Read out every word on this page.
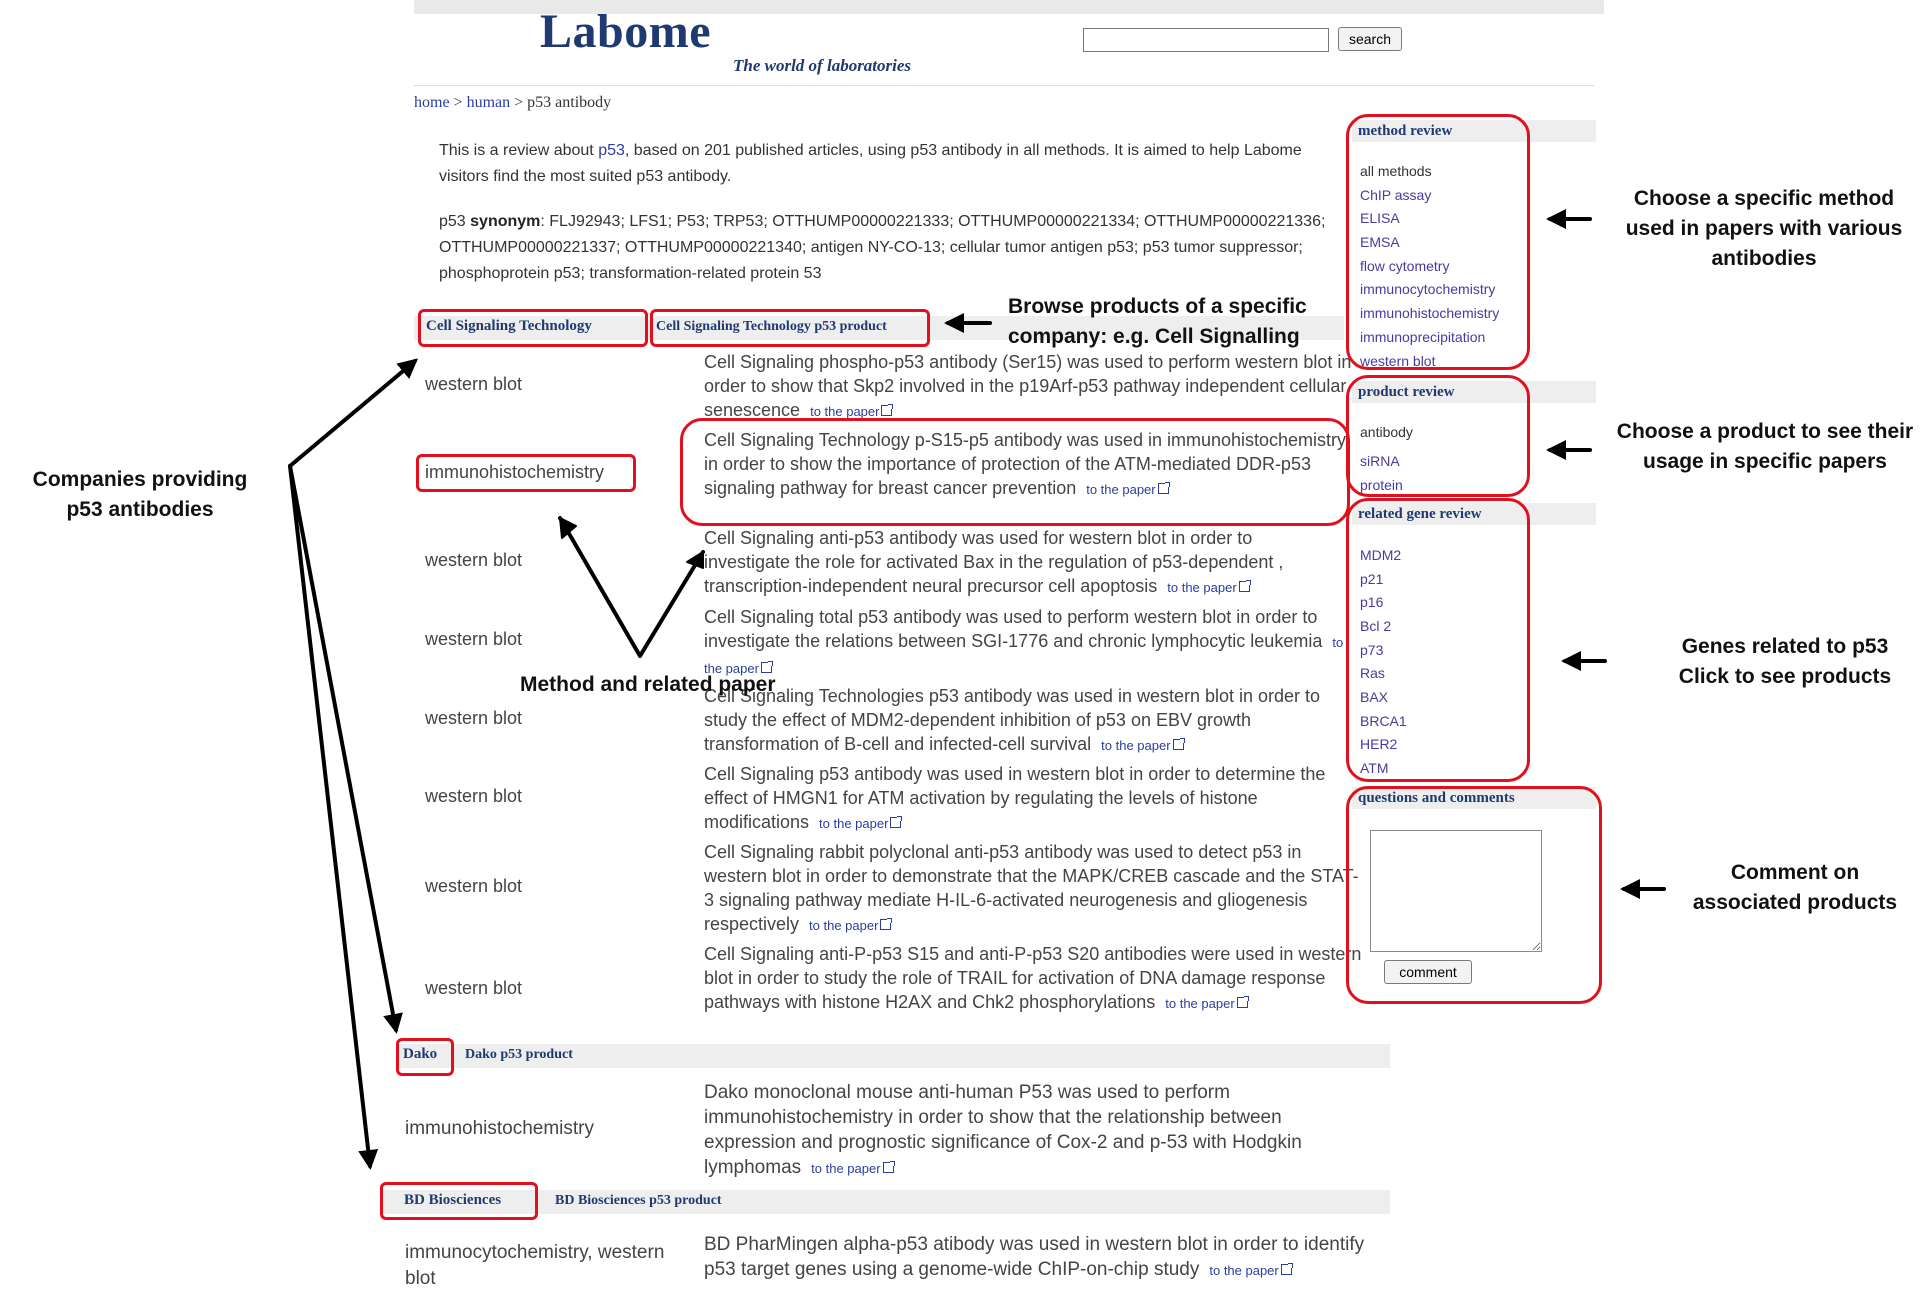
Labome
The world of laboratories
search
home > human > p53 antibody
This is a review about p53, based on 201 published articles, using p53 antibody in all methods. It is aimed to help Labome visitors find the most suited p53 antibody.
p53 synonym: FLJ92943; LFS1; P53; TRP53; OTTHUMP00000221333; OTTHUMP00000221334; OTTHUMP00000221336; OTTHUMP00000221337; OTTHUMP00000221340; antigen NY-CO-13; cellular tumor antigen p53; p53 tumor suppressor; phosphoprotein p53; transformation-related protein 53
Cell Signaling Technology	Cell Signaling Technology p53 product
western blot
Cell Signaling phospho-p53 antibody (Ser15) was used to perform western blot in order to show that Skp2 involved in the p19Arf-p53 pathway independent cellular senescence to the paper
immunohistochemistry
Cell Signaling Technology p-S15-p5 antibody was used in immunohistochemistry in order to show the importance of protection of the ATM-mediated DDR-p53 signaling pathway for breast cancer prevention to the paper
western blot
Cell Signaling anti-p53 antibody was used for western blot in order to investigate the role for activated Bax in the regulation of p53-dependent , transcription-independent neural precursor cell apoptosis to the paper
western blot
Cell Signaling total p53 antibody was used to perform western blot in order to investigate the relations between SGI-1776 and chronic lymphocytic leukemia to the paper
western blot
Cell Signaling Technologies p53 antibody was used in western blot in order to study the effect of MDM2-dependent inhibition of p53 on EBV growth transformation of B-cell and infected-cell survival to the paper
western blot
Cell Signaling p53 antibody was used in western blot in order to determine the effect of HMGN1 for ATM activation by regulating the levels of histone modifications to the paper
western blot
Cell Signaling rabbit polyclonal anti-p53 antibody was used to detect p53 in western blot in order to demonstrate that the MAPK/CREB cascade and the STAT-3 signaling pathway mediate H-IL-6-activated neurogenesis and gliogenesis respectively to the paper
western blot
Cell Signaling anti-P-p53 S15 and anti-P-p53 S20 antibodies were used in western blot in order to study the role of TRAIL for activation of DNA damage response pathways with histone H2AX and Chk2 phosphorylations to the paper
Dako Dako p53 product
immunohistochemistry
Dako monoclonal mouse anti-human P53 was used to perform immunohistochemistry in order to show that the relationship between expression and prognostic significance of Cox-2 and p-53 with Hodgkin lymphomas to the paper
BD Biosciences	BD Biosciences p53 product
immunocytochemistry, western blot
BD PharMingen alpha-p53 atibody was used in western blot in order to identify p53 target genes using a genome-wide ChIP-on-chip study to the paper
method review
all methods
ChIP assay
ELISA
EMSA
flow cytometry
immunocytochemistry
immunohistochemistry
immunoprecipitation
western blot
product review
antibody
siRNA
protein
related gene review
MDM2
p21
p16
Bcl 2
p73
Ras
BAX
BRCA1
HER2
ATM
questions and comments
comment
Companies providing p53 antibodies
Browse products of a specific company: e.g. Cell Signalling
Method and related paper
Choose a specific method used in papers with various antibodies
Choose a product to see their usage in specific papers
Genes related to p53 Click to see products
Comment on associated products
